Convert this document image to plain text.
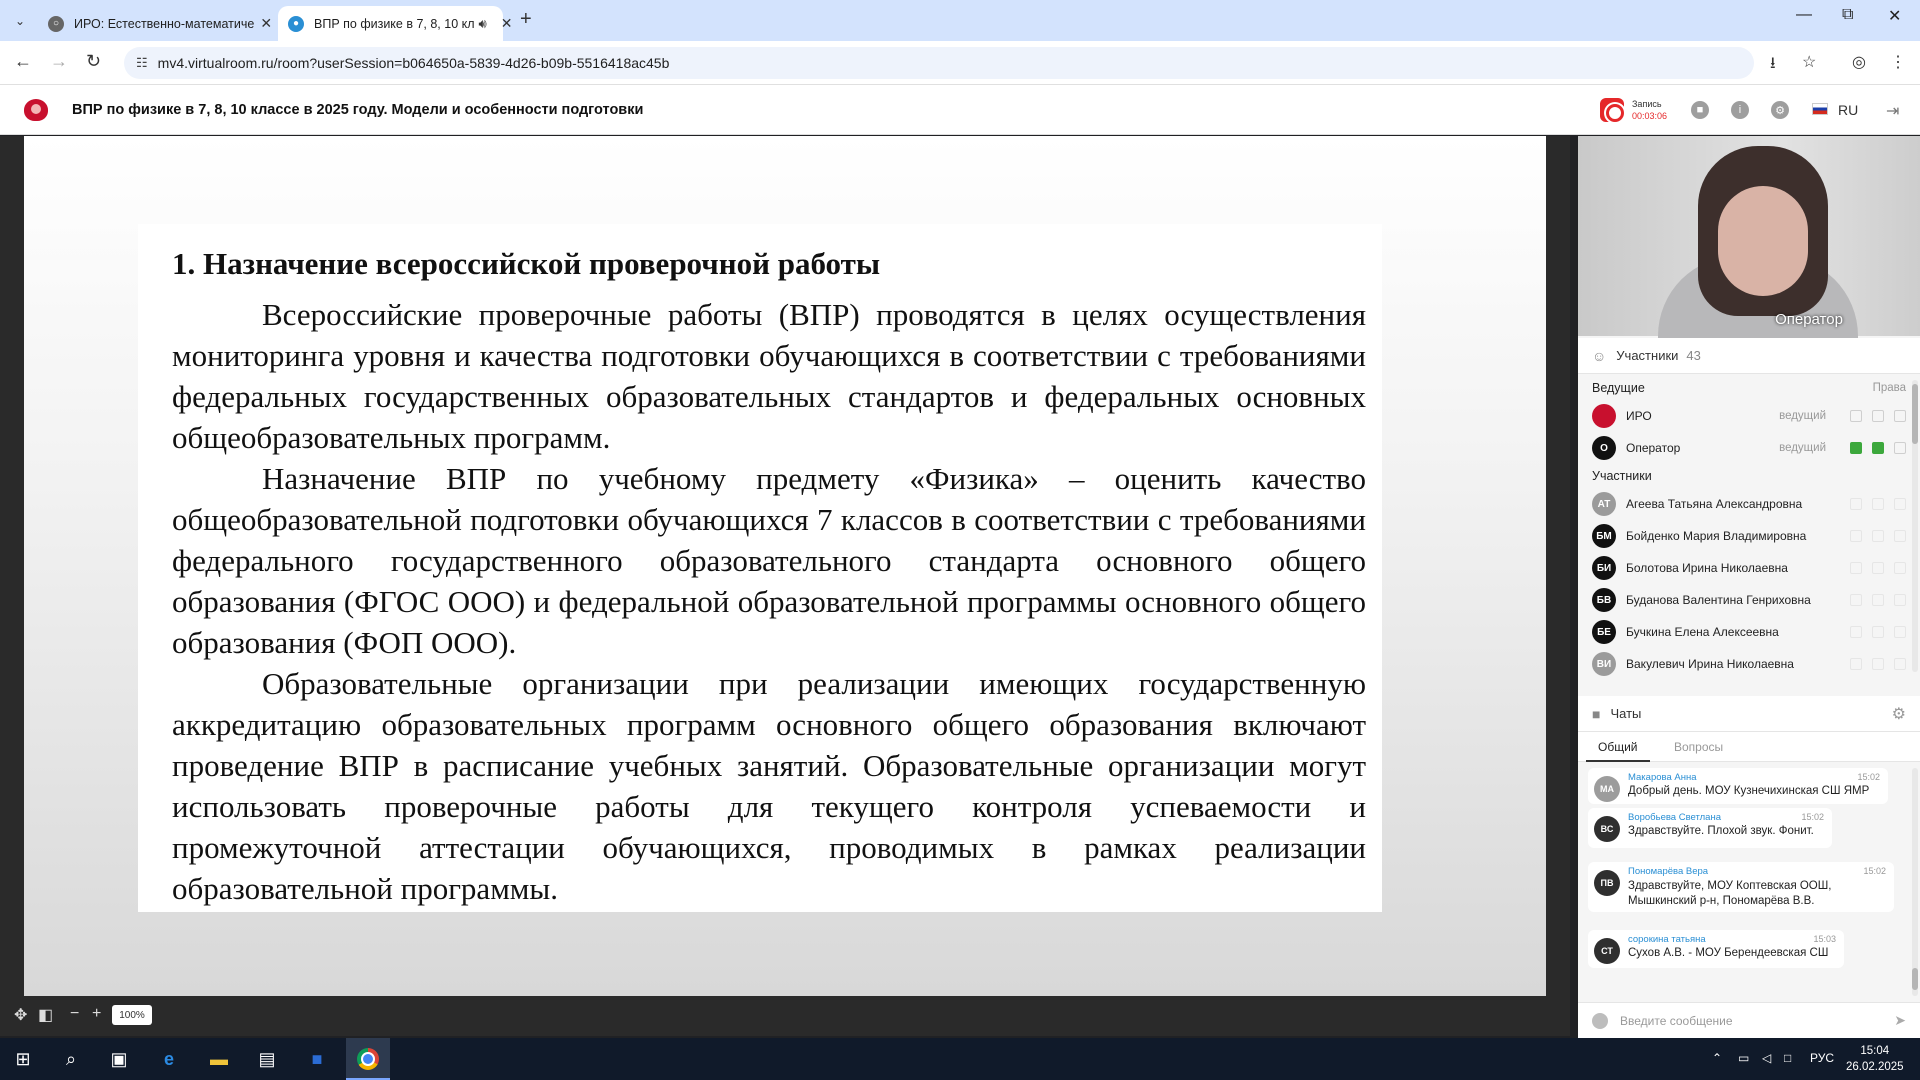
⌄	○	ИРО: Естественно-математиче ✕	●	ВПР по физике в 7, 8, 10 кл 🔊︎ ✕ +	— ⧉ ✕
← → ↻	☷ mv4.virtualroom.ru/room?userSession=b064650a-5839-4d26-b09b-5516418ac45b	⭳ ☆ ◎ ⋮
ВПР по физике в 7, 8, 10 классе в 2025 году. Модели и особенности подготовки	Запись
00:03:06	■	i	⚙	RU ⇥
1. Назначение всероссийской проверочной работы

Всероссийские проверочные работы (ВПР) проводятся в целях осуществления мониторинга уровня и качества подготовки обучающихся в соответствии с требованиями федеральных государственных образовательных стандартов и федеральных основных общеобразовательных программ.

Назначение ВПР по учебному предмету «Физика» – оценить качество общеобразовательной подготовки обучающихся 7 классов в соответствии с требованиями федерального государственного образовательного стандарта основного общего образования (ФГОС ООО) и федеральной образовательной программы основного общего образования (ФОП ООО).

Образовательные организации при реализации имеющих государственную аккредитацию образовательных программ основного общего образования включают проведение ВПР в расписание учебных занятий. Образовательные организации могут использовать проверочные работы для текущего контроля успеваемости и промежуточной аттестации обучающихся, проводимых в рамках реализации образовательной программы.

✥ ◧ − +	100%
Оператор
☺ Участники 43
Ведущие	Права
ИРО	ведущий
О	Оператор	ведущий
Участники
АТ	Агеева Татьяна Александровна
БМ	Бойденко Мария Владимировна
БИ	Болотова Ирина Николаевна
БВ	Буданова Валентина Генриховна
БЕ	Бучкина Елена Алексеевна
ВИ	Вакулевич Ирина Николаевна
■ Чаты	⚙
Общий	Вопросы
МА
Макарова Анна	15:02
Добрый день. МОУ Кузнечихинская СШ ЯМР
ВС
Воробьева Светлана	15:02
Здравствуйте. Плохой звук. Фонит.
ПВ
Пономарёва Вера	15:02
Здравствуйте, МОУ Коптевская ООШ, Мышкинский р-н, Пономарёва В.В.
СТ
сорокина татьяна	15:03
Сухов А.В. - МОУ Берендеевская СШ
Введите сообщение	➤
⊞	⌕	▣	e	▬ ▤	■	⌃ ▭ ◁ □ РУС	15:04
26.02.2025
